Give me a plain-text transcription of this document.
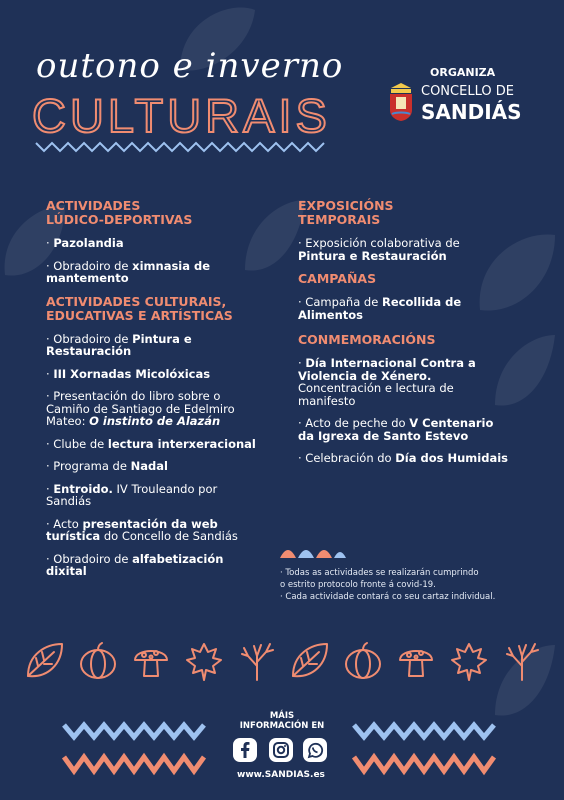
outono e inverno
CULTURAIS
ORGANIZA
CONCELLO DE
SANDIÁS
ACTIVIDADES
LÚDICO-DEPORTIVAS
· Pazolandia
· Obradoiro de ximnasia de mantemento
ACTIVIDADES CULTURAIS,
EDUCATIVAS E ARTÍSTICAS
· Obradoiro de Pintura e Restauración
· III Xornadas Micolóxicas
· Presentación do libro sobre o Camiño de Santiago de Edelmiro Mateo: O instinto de Alazán
· Clube de lectura interxeracional
· Programa de Nadal
· Entroido. IV Trouleando por Sandiás
· Acto presentación da web turística do Concello de Sandiás
· Obradoiro de alfabetización dixital
EXPOSICIÓNS
TEMPORAIS
· Exposición colaborativa de Pintura e Restauración
CAMPAÑAS
· Campaña de Recollida de Alimentos
CONMEMORACIÓNS
· Día Internacional Contra a Violencia de Xénero. Concentración e lectura de manifesto
· Acto de peche do V Centenario da Igrexa de Santo Estevo
· Celebración do Día dos Humidais
· Todas as actividades se realizarán cumprindo
o estrito protocolo fronte á covid-19.
· Cada actividade contará co seu cartaz individual.
MÁIS
INFORMACIÓN EN
www.SANDIAS.es
